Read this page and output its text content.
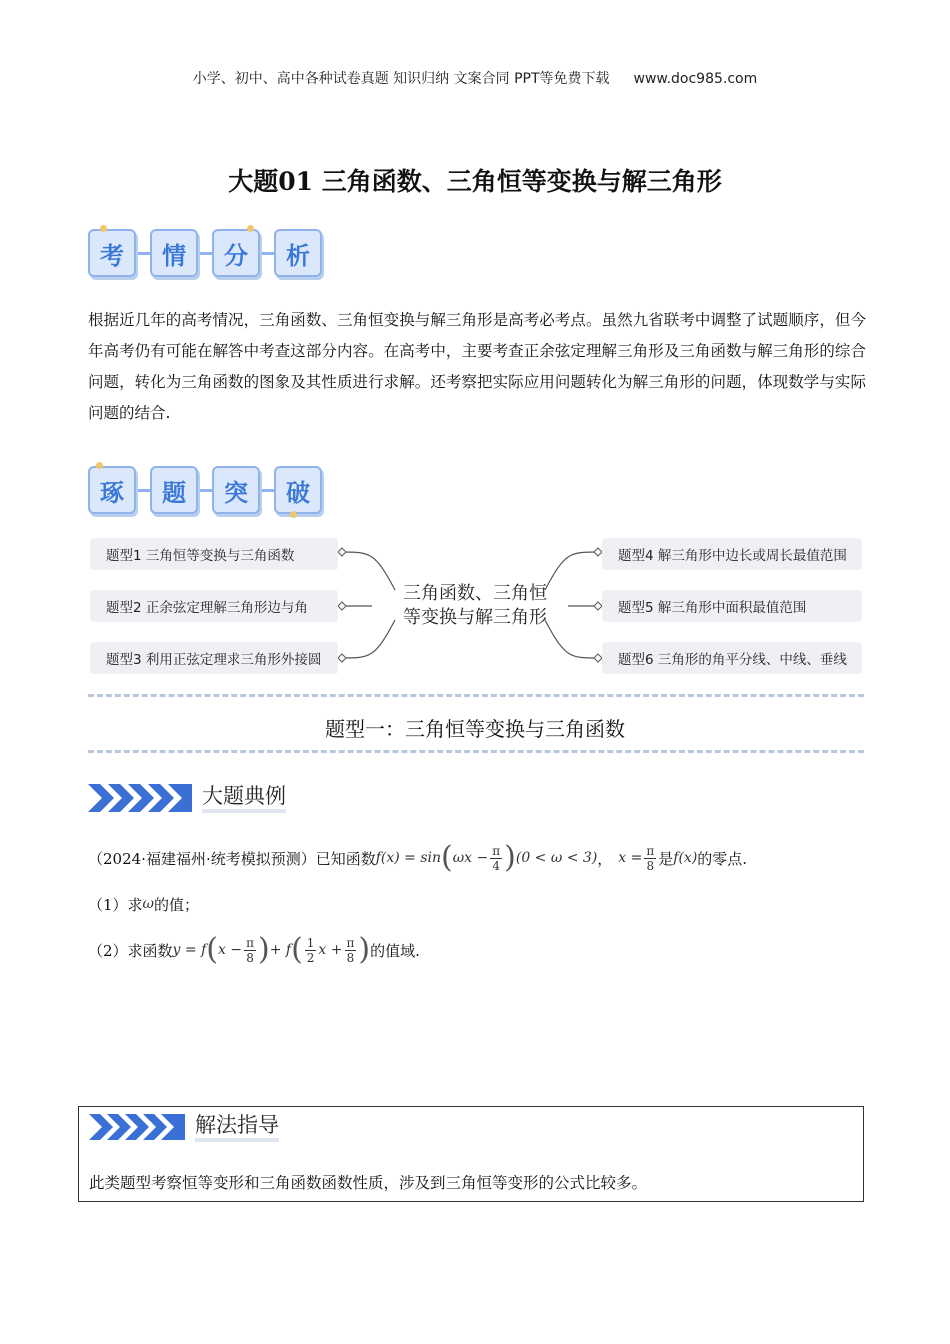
小学、初中、高中各种试卷真题 知识归纳 文案合同 PPT等免费下载 www.doc985.com
大题01 三角函数、三角恒等变换与解三角形
考 情 分 析
根据近几年的高考情况，三角函数、三角恒变换与解三角形是高考必考点。虽然九省联考中调整了试题顺序，但今年高考仍有可能在解答中考查这部分内容。在高考中，主要考查正余弦定理解三角形及三角函数与解三角形的综合问题，转化为三角函数的图象及其性质进行求解。还考察把实际应用问题转化为解三角形的问题，体现数学与实际问题的结合.
琢 题 突 破
题型1 三角恒等变换与三角函数
题型2 正余弦定理解三角形边与角
题型3 利用正弦定理求三角形外接圆
题型4 解三角形中边长或周长最值范围
题型5 解三角形中面积最值范围
题型6 三角形的角平分线、中线、垂线
三角函数、三角恒
等变换与解三角形
题型一：三角恒等变换与三角函数
大题典例
（2024·福建福州·统考模拟预测）已知函数 f(x) = sin ( $\omega x - \frac{\pi}{4}$ ) (0 < ω < 3) ， $x = \frac{\pi}{8}$ 是 f(x) 的零点.
（1）求 ω 的值；
（2）求函数 y = f ( $x - \frac{\pi}{8}$ ) + f ( $\frac{1}{2}$ $x + \frac{\pi}{8}$ ) 的值域.
解法指导
此类题型考察恒等变形和三角函数函数性质，涉及到三角恒等变形的公式比较多。
